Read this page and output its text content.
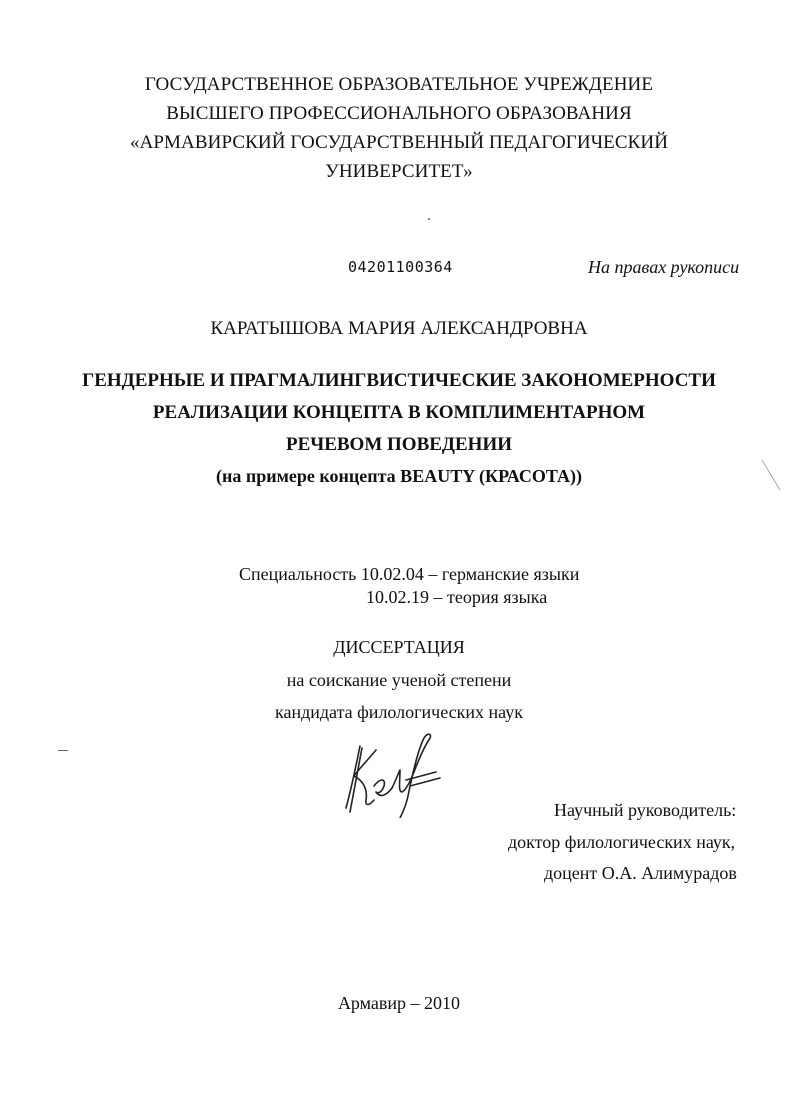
ГОСУДАРСТВЕННОЕ ОБРАЗОВАТЕЛЬНОЕ УЧРЕЖДЕНИЕ
ВЫСШЕГО ПРОФЕССИОНАЛЬНОГО ОБРАЗОВАНИЯ
«АРМАВИРСКИЙ ГОСУДАРСТВЕННЫЙ ПЕДАГОГИЧЕСКИЙ
УНИВЕРСИТЕТ»
04201100364	На правах рукописи
КАРАТЫШОВА МАРИЯ АЛЕКСАНДРОВНА
ГЕНДЕРНЫЕ И ПРАГМАЛИНГВИСТИЧЕСКИЕ ЗАКОНОМЕРНОСТИ
РЕАЛИЗАЦИИ КОНЦЕПТА В КОМПЛИМЕНТАРНОМ
РЕЧЕВОМ ПОВЕДЕНИИ
(на примере концепта BEAUTY (КРАСОТА))
Специальность 10.02.04 – германские языки
10.02.19 – теория языка
ДИССЕРТАЦИЯ
на соискание ученой степени
кандидата филологических наук
Научный руководитель:
доктор филологических наук,
доцент О.А. Алимурадов
Армавир – 2010
